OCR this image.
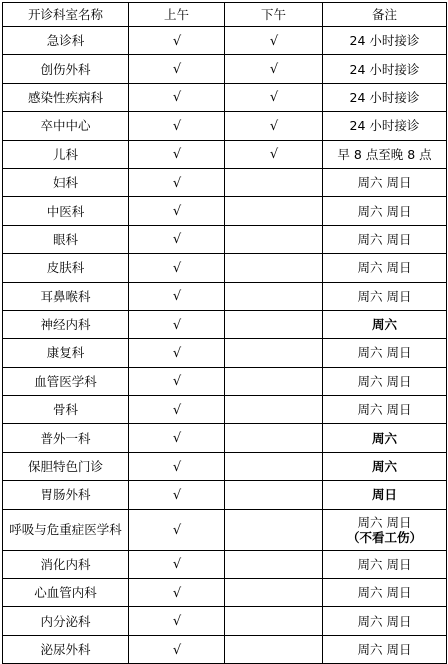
开诊科室名称	上午	下午	备注
急诊科	√	√	24 小时接诊
创伤外科	√	√	24 小时接诊
感染性疾病科	√	√	24 小时接诊
卒中中心	√	√	24 小时接诊
儿科	√	√	早 8 点至晚 8 点
妇科	√		周六 周日
中医科	√		周六 周日
眼科	√		周六 周日
皮肤科	√		周六 周日
耳鼻喉科	√		周六 周日
神经内科	√		周六
康复科	√		周六 周日
血管医学科	√		周六 周日
骨科	√		周六 周日
普外一科	√		周六
保胆特色门诊	√		周六
胃肠外科	√		周日
呼吸与危重症医学科	√		周六 周日
（不看工伤）

消化内科	√		周六 周日
心血管内科	√		周六 周日
内分泌科	√		周六 周日
泌尿外科	√		周六 周日
